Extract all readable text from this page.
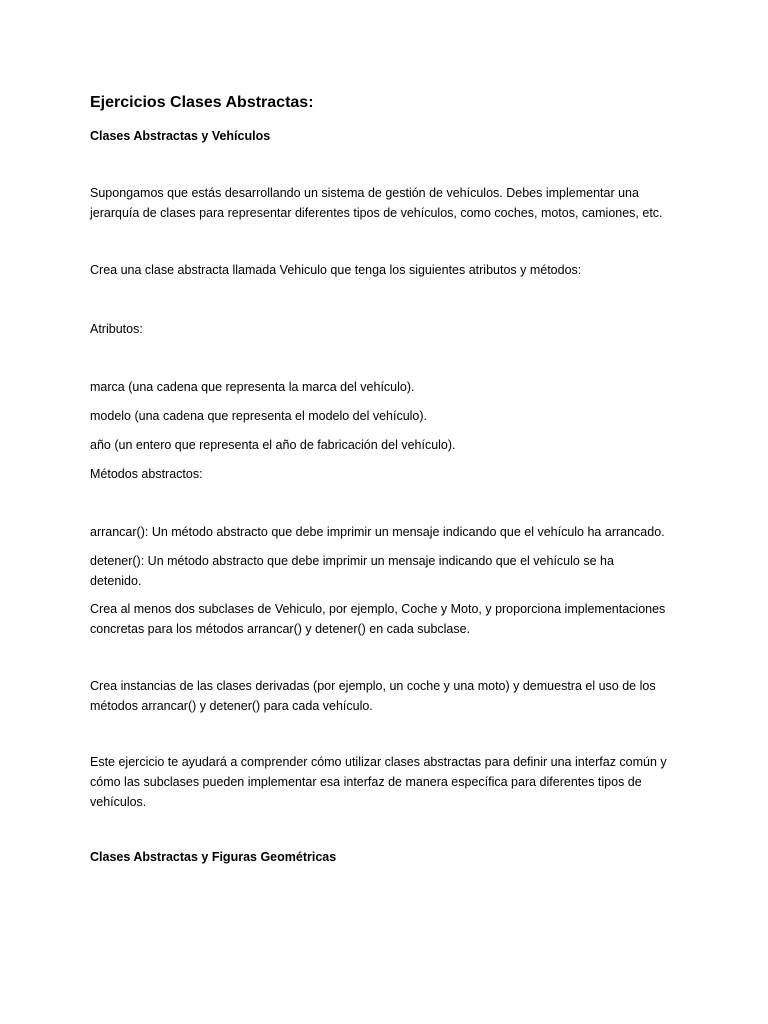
Ejercicios Clases Abstractas:
Clases Abstractas y Vehículos

Supongamos que estás desarrollando un sistema de gestión de vehículos. Debes implementar una
jerarquía de clases para representar diferentes tipos de vehículos, como coches, motos, camiones, etc.

Crea una clase abstracta llamada Vehiculo que tenga los siguientes atributos y métodos:

Atributos:

marca (una cadena que representa la marca del vehículo).

modelo (una cadena que representa el modelo del vehículo).

año (un entero que representa el año de fabricación del vehículo).

Métodos abstractos:

arrancar(): Un método abstracto que debe imprimir un mensaje indicando que el vehículo ha arrancado.

detener(): Un método abstracto que debe imprimir un mensaje indicando que el vehículo se ha
detenido.

Crea al menos dos subclases de Vehiculo, por ejemplo, Coche y Moto, y proporciona implementaciones
concretas para los métodos arrancar() y detener() en cada subclase.

Crea instancias de las clases derivadas (por ejemplo, un coche y una moto) y demuestra el uso de los
métodos arrancar() y detener() para cada vehículo.

Este ejercicio te ayudará a comprender cómo utilizar clases abstractas para definir una interfaz común y
cómo las subclases pueden implementar esa interfaz de manera específica para diferentes tipos de
vehículos.

Clases Abstractas y Figuras Geométricas
